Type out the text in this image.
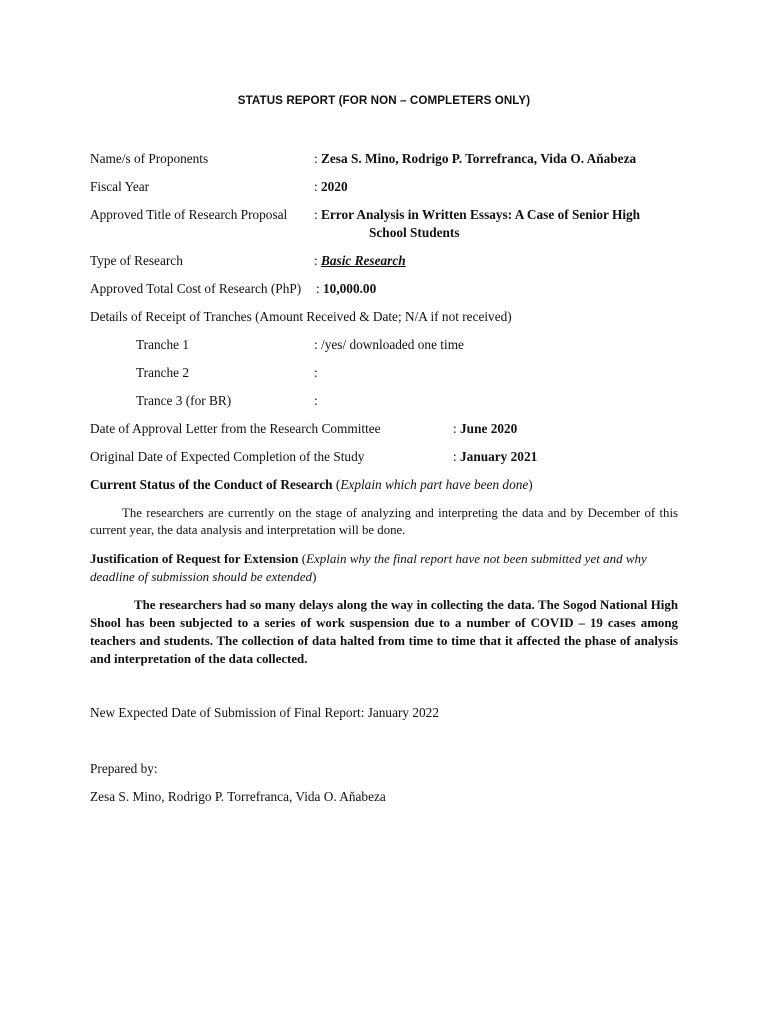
STATUS REPORT (FOR NON – COMPLETERS ONLY)
Name/s of Proponents	: Zesa S. Mino, Rodrigo P. Torrefranca, Vida O. Aňabeza
Fiscal Year	: 2020
Approved Title of Research Proposal : Error Analysis in Written Essays: A Case of Senior High
School Students
Type of Research	: Basic Research
Approved Total Cost of Research (PhP) : 10,000.00
Details of Receipt of Tranches (Amount Received & Date; N/A if not received)
Tranche 1	: /yes/ downloaded one time
Tranche 2	:
Trance 3 (for BR)	:
Date of Approval Letter from the Research Committee	: June 2020
Original Date of Expected Completion of the Study	: January 2021
Current Status of the Conduct of Research (Explain which part have been done)
The researchers are currently on the stage of analyzing and interpreting the data and by December of this current year, the data analysis and interpretation will be done.
Justification of Request for Extension (Explain why the final report have not been submitted yet and why deadline of submission should be extended)
The researchers had so many delays along the way in collecting the data. The Sogod National High Shool has been subjected to a series of work suspension due to a number of COVID – 19 cases among teachers and students. The collection of data halted from time to time that it affected the phase of analysis and interpretation of the data collected.
New Expected Date of Submission of Final Report: January 2022
Prepared by:
Zesa S. Mino, Rodrigo P. Torrefranca, Vida O. Aňabeza
